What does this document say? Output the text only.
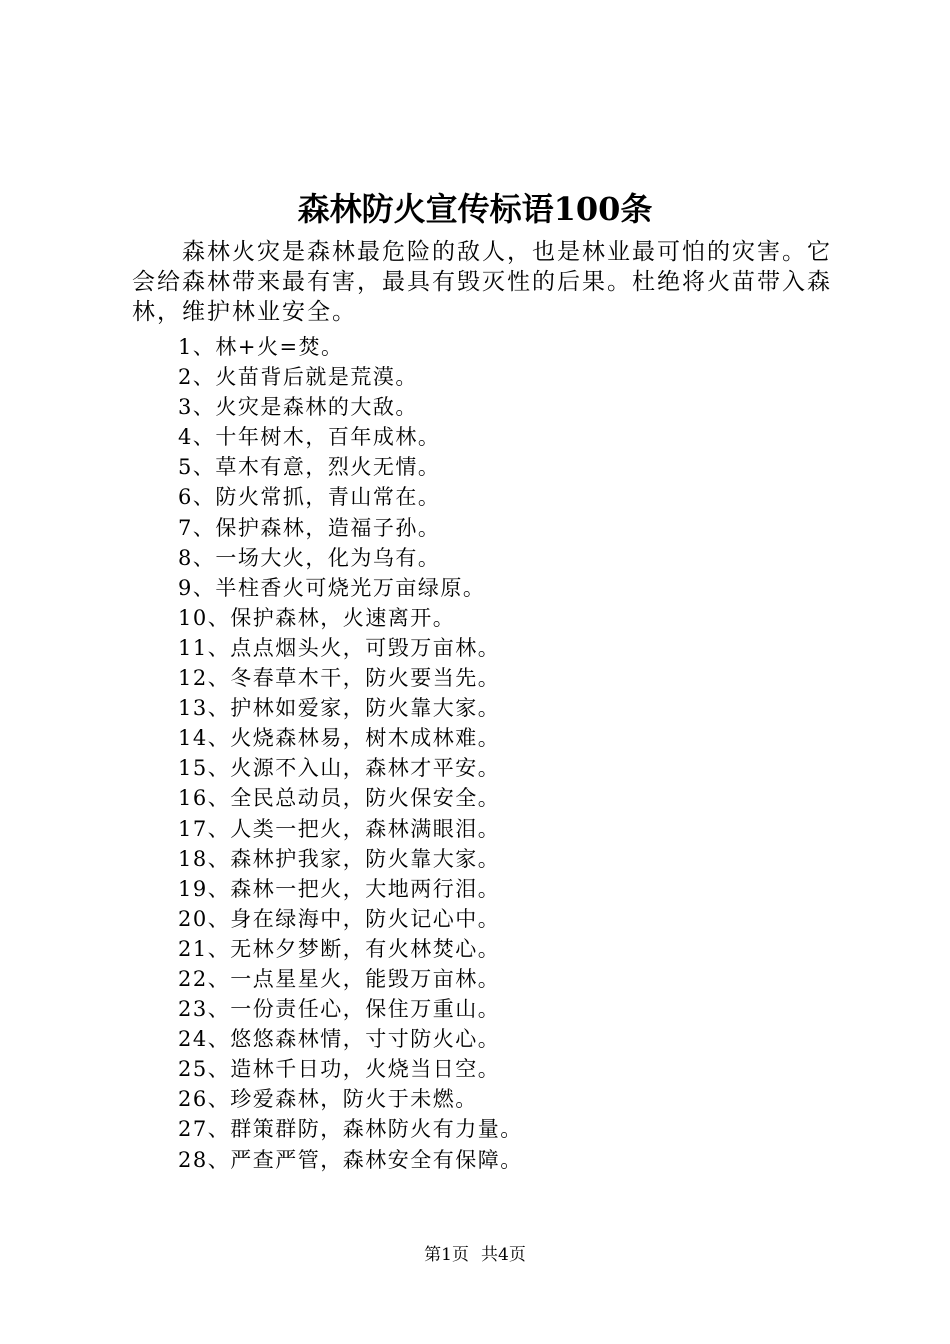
森林防火宣传标语100条

森林火灾是森林最危险的敌人，也是林业最可怕的灾害。它会给森林带来最有害，最具有毁灭性的后果。杜绝将火苗带入森林，维护林业安全。

1、林+火=焚。
2、火苗背后就是荒漠。
3、火灾是森林的大敌。
4、十年树木，百年成林。
5、草木有意，烈火无情。
6、防火常抓，青山常在。
7、保护森林，造福子孙。
8、一场大火，化为乌有。
9、半柱香火可烧光万亩绿原。
10、保护森林，火速离开。
11、点点烟头火，可毁万亩林。
12、冬春草木干，防火要当先。
13、护林如爱家，防火靠大家。
14、火烧森林易，树木成林难。
15、火源不入山，森林才平安。
16、全民总动员，防火保安全。
17、人类一把火，森林满眼泪。
18、森林护我家，防火靠大家。
19、森林一把火，大地两行泪。
20、身在绿海中，防火记心中。
21、无林夕梦断，有火林焚心。
22、一点星星火，能毁万亩林。
23、一份责任心，保住万重山。
24、悠悠森林情，寸寸防火心。
25、造林千日功，火烧当日空。
26、珍爱森林，防火于未燃。
27、群策群防，森林防火有力量。
28、严查严管，森林安全有保障。
第1页 共4页
